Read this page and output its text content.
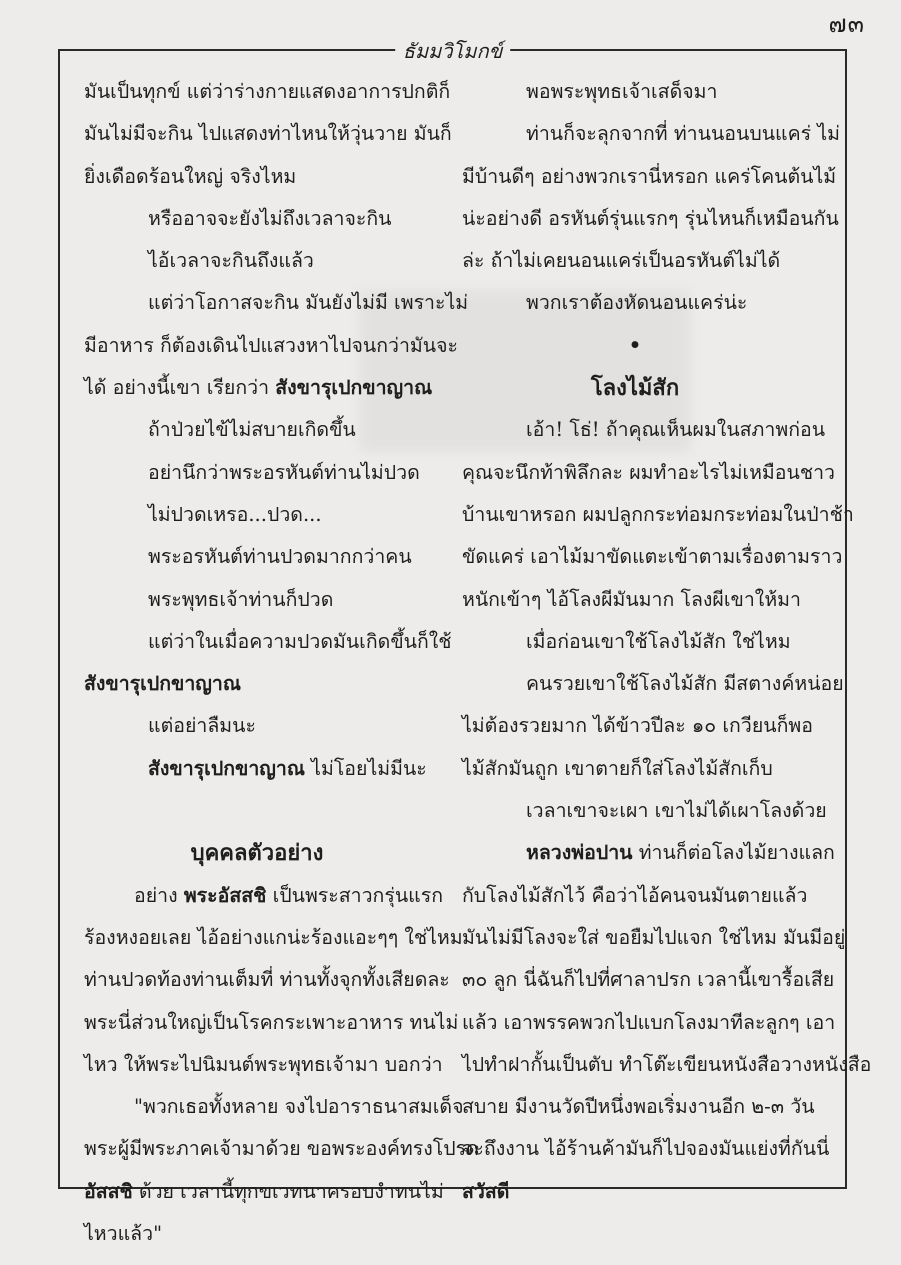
๗๓
ธัมมวิโมกข์
มันเป็นทุกข์ แต่ว่าร่างกายแสดงอาการปกติก็
มันไม่มีจะกิน ไปแสดงท่าไหนให้วุ่นวาย มันก็
ยิ่งเดือดร้อนใหญ่ จริงไหม
หรืออาจจะยังไม่ถึงเวลาจะกิน
ไอ้เวลาจะกินถึงแล้ว
แต่ว่าโอกาสจะกิน มันยังไม่มี เพราะไม่
มีอาหาร ก็ต้องเดินไปแสวงหาไปจนกว่ามันจะ
ได้ อย่างนี้เขา เรียกว่า สังขารุเปกขาญาณ
ถ้าป่วยไข้ไม่สบายเกิดขึ้น
อย่านึกว่าพระอรหันต์ท่านไม่ปวด
ไม่ปวดเหรอ...ปวด...
พระอรหันต์ท่านปวดมากกว่าคน
พระพุทธเจ้าท่านก็ปวด
แต่ว่าในเมื่อความปวดมันเกิดขึ้นก็ใช้
สังขารุเปกขาญาณ
แต่อย่าลืมนะ
สังขารุเปกขาญาณ ไม่โอยไม่มีนะ
บุคคลตัวอย่าง
อย่าง พระอัสสชิ เป็นพระสาวกรุ่นแรก
ร้องหงอยเลย ไอ้อย่างแกน่ะร้องแอะๆๆ ใช่ไหม
ท่านปวดท้องท่านเต็มที่ ท่านทั้งจุกทั้งเสียดละ
พระนี่ส่วนใหญ่เป็นโรคกระเพาะอาหาร ทนไม่
ไหว ให้พระไปนิมนต์พระพุทธเจ้ามา บอกว่า
"พวกเธอทั้งหลาย จงไปอาราธนาสมเด็จ
พระผู้มีพระภาคเจ้ามาด้วย ขอพระองค์ทรงโปรด
อัสสชิ ด้วย เวลานี้ทุกขเวทนาครอบงำทนไม่
ไหวแล้ว"
พอพระพุทธเจ้าเสด็จมา
ท่านก็จะลุกจากที่ ท่านนอนบนแคร่ ไม่
มีบ้านดีๆ อย่างพวกเรานี่หรอก แคร่โคนต้นไม้
น่ะอย่างดี อรหันต์รุ่นแรกๆ รุ่นไหนก็เหมือนกัน
ล่ะ ถ้าไม่เคยนอนแคร่เป็นอรหันต์ไม่ได้
พวกเราต้องหัดนอนแคร่น่ะ
•
โลงไม้สัก
เอ้า! โธ่! ถ้าคุณเห็นผมในสภาพก่อน
คุณจะนึกท้าพิลึกละ ผมทำอะไรไม่เหมือนชาว
บ้านเขาหรอก ผมปลูกกระท่อมกระท่อมในป่าช้า
ขัดแคร่ เอาไม้มาขัดแตะเข้าตามเรื่องตามราว
หนักเข้าๆ ไอ้โลงผีมันมาก โลงผีเขาให้มา
เมื่อก่อนเขาใช้โลงไม้สัก ใช่ไหม
คนรวยเขาใช้โลงไม้สัก มีสตางค์หน่อย
ไม่ต้องรวยมาก ได้ข้าวปีละ ๑๐ เกวียนก็พอ
ไม้สักมันถูก เขาตายก็ใส่โลงไม้สักเก็บ
เวลาเขาจะเผา เขาไม่ได้เผาโลงด้วย
หลวงพ่อปาน ท่านก็ต่อโลงไม้ยางแลก
กับโลงไม้สักไว้ คือว่าไอ้คนจนมันตายแล้ว
มันไม่มีโลงจะใส่ ขอยืมไปแจก ใช่ไหม มันมีอยู่
๓๐ ลูก นี่ฉันก็ไปที่ศาลาปรก เวลานี้เขารื้อเสีย
แล้ว เอาพรรคพวกไปแบกโลงมาทีละลูกๆ เอา
ไปทำฝากั้นเป็นตับ ทำโต๊ะเขียนหนังสือวางหนังสือ
สบาย มีงานวัดปีหนึ่งพอเริ่มงานอีก ๒-๓ วัน
จะถึงงาน ไอ้ร้านค้ามันก็ไปจองมันแย่งที่กันนี่
สวัสดี
